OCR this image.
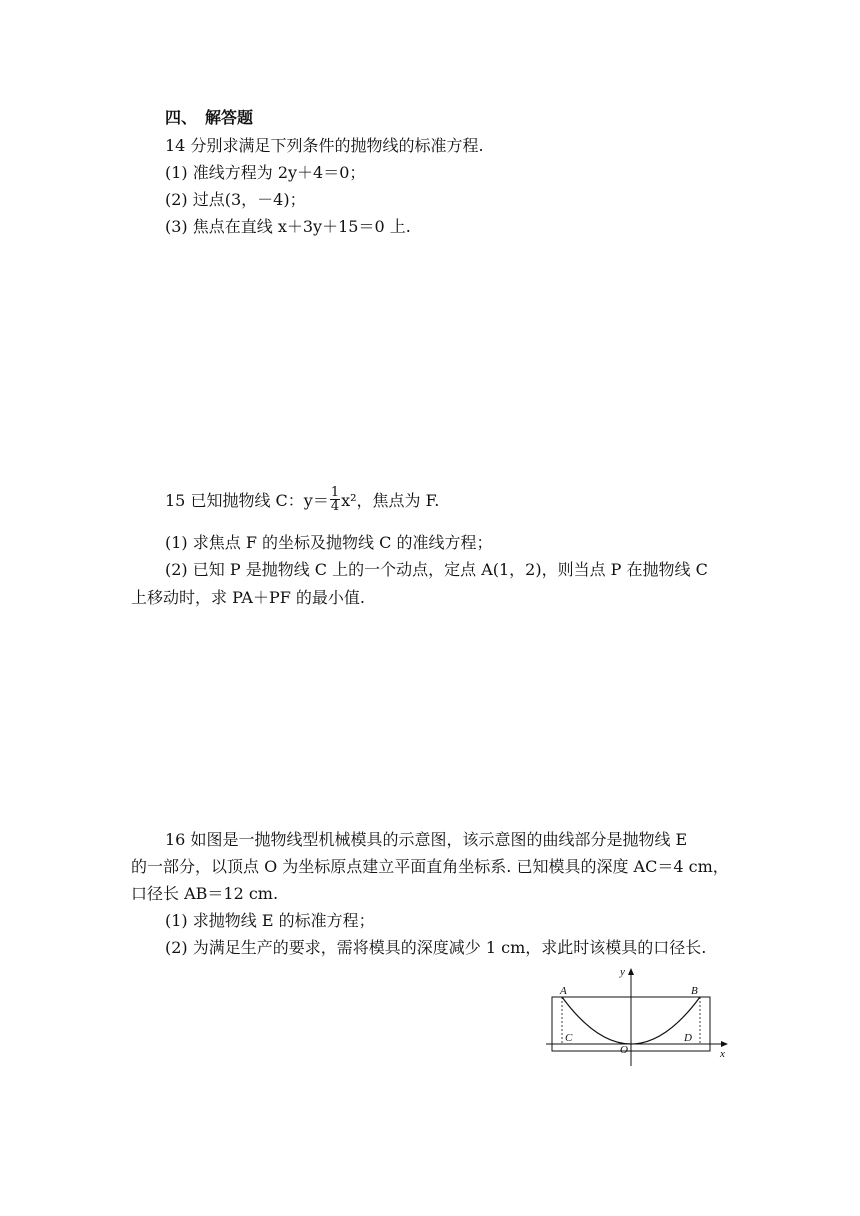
四、　解答题
14 分别求满足下列条件的抛物线的标准方程.
(1) 准线方程为 2y＋4＝0；
(2) 过点(3，－4)；
(3) 焦点在直线 x＋3y＋15＝0 上.
15 已知抛物线 C：$y= \frac{1}{4} x^2$，焦点为 F.
(1) 求焦点 F 的坐标及抛物线 C 的准线方程；
(2) 已知 P 是抛物线 C 上的一个动点，定点 A(1，2)，则当点 P 在抛物线 C
上移动时，求 PA＋PF 的最小值.
16 如图是一抛物线型机械模具的示意图，该示意图的曲线部分是抛物线 E
的一部分，以顶点 O 为坐标原点建立平面直角坐标系. 已知模具的深度 AC＝4 cm，
口径长 AB＝12 cm.
(1) 求抛物线 E 的标准方程；
(2) 为满足生产的要求，需将模具的深度减少 1 cm，求此时该模具的口径长.
y
x
A	B
C	D
O
